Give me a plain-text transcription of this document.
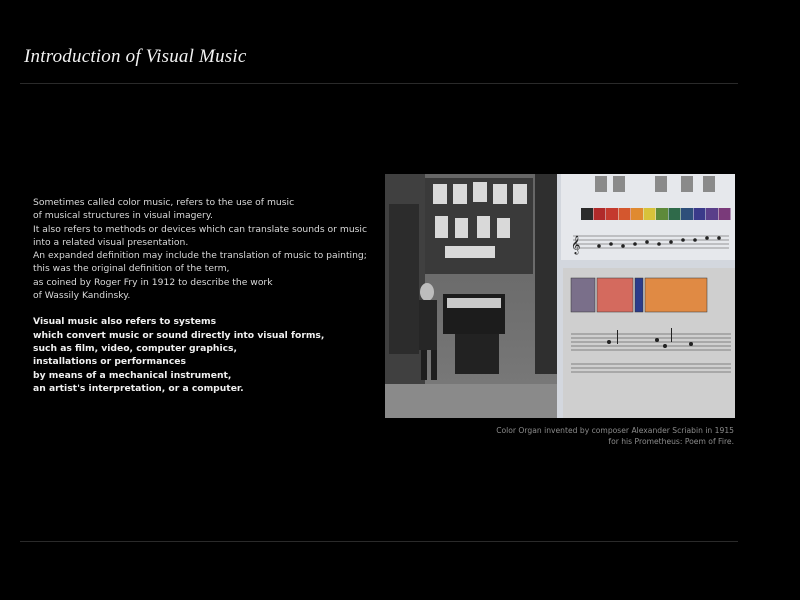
Introduction of Visual Music
Sometimes called color music, refers to the use of music
of musical structures in visual imagery.
It also refers to methods or devices which can translate sounds or music
into a related visual presentation.
An expanded definition may include the translation of music to painting;
this was the original definition of the term,
as coined by Roger Fry in 1912 to describe the work
of Wassily Kandinsky.
Visual music also refers to systems
which convert music or sound directly into visual forms,
such as film, video, computer graphics,
installations or performances
by means of a mechanical instrument,
an artist's interpretation, or a computer.
𝄞
Color Organ invented by composer Alexander Scriabin in 1915
for his Prometheus: Poem of Fire.
